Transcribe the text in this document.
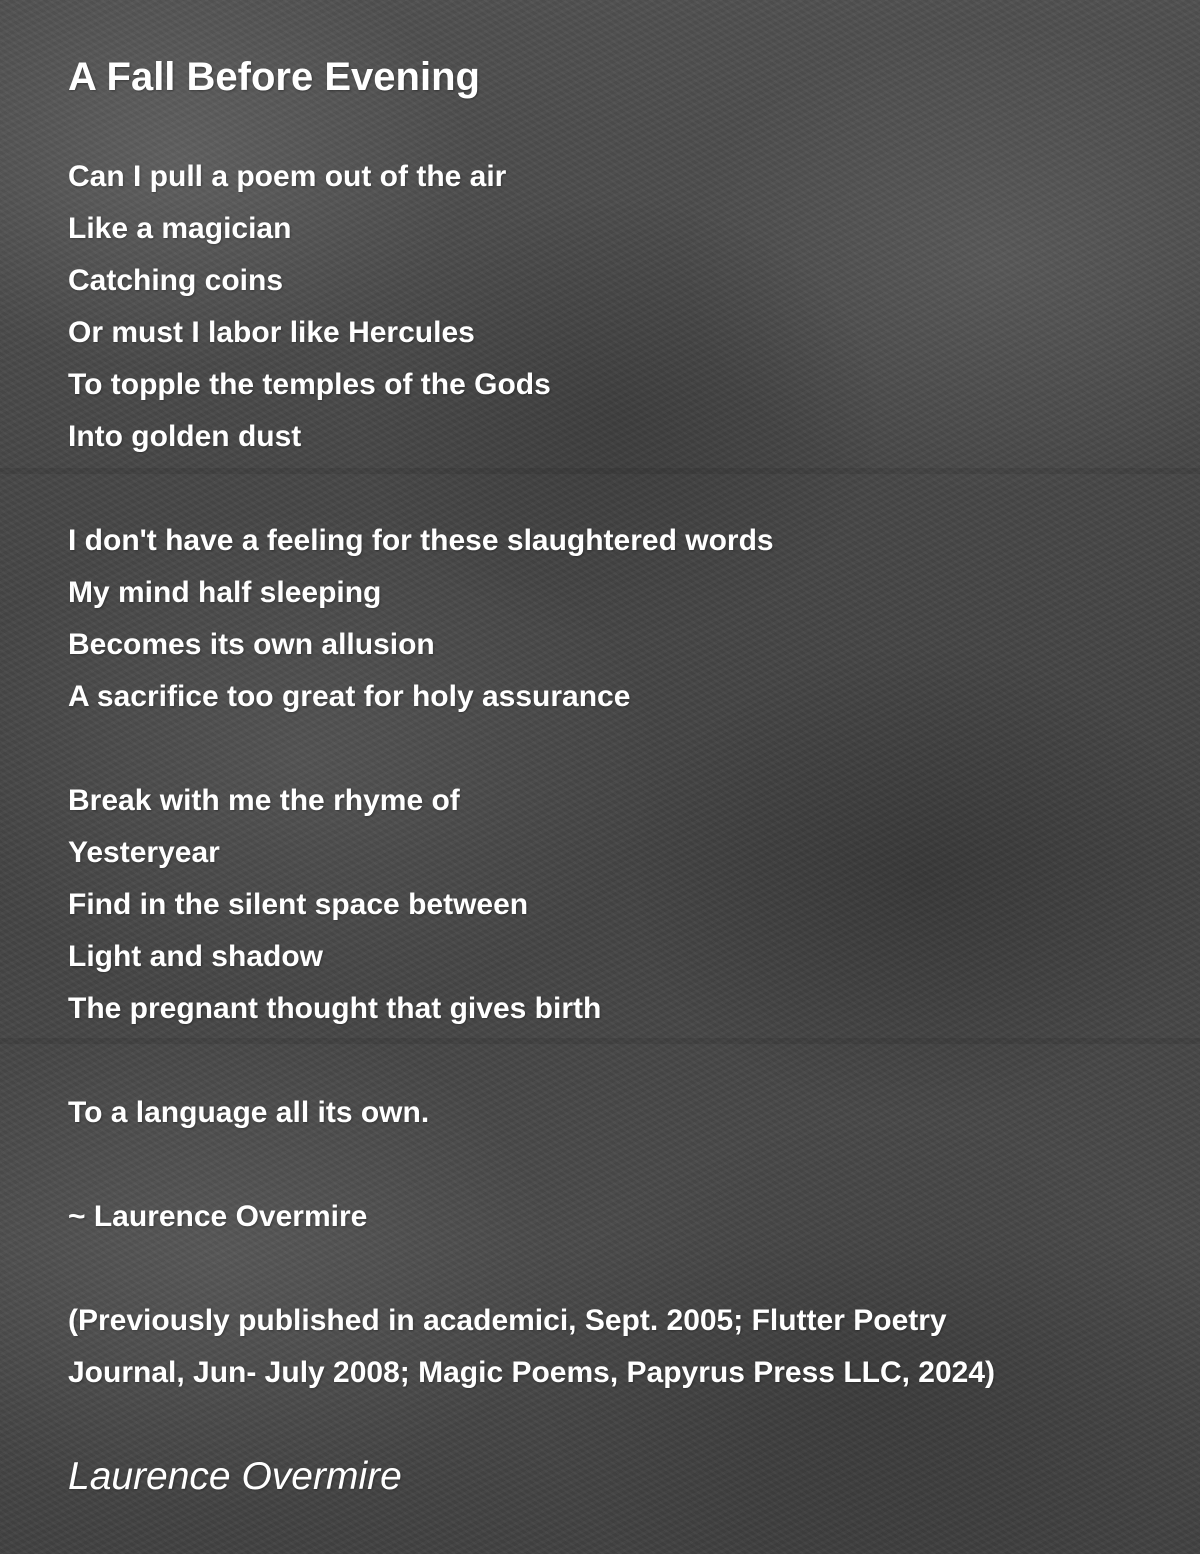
A Fall Before Evening
Can I pull a poem out of the air
Like a magician
Catching coins
Or must I labor like Hercules
To topple the temples of the Gods
Into golden dust
I don't have a feeling for these slaughtered words
My mind half sleeping
Becomes its own allusion
A sacrifice too great for holy assurance
Break with me the rhyme of
Yesteryear
Find in the silent space between
Light and shadow
The pregnant thought that gives birth
To a language all its own.
~ Laurence Overmire
(Previously published in academici, Sept. 2005; Flutter Poetry
Journal, Jun- July 2008; Magic Poems, Papyrus Press LLC, 2024)
Laurence Overmire
